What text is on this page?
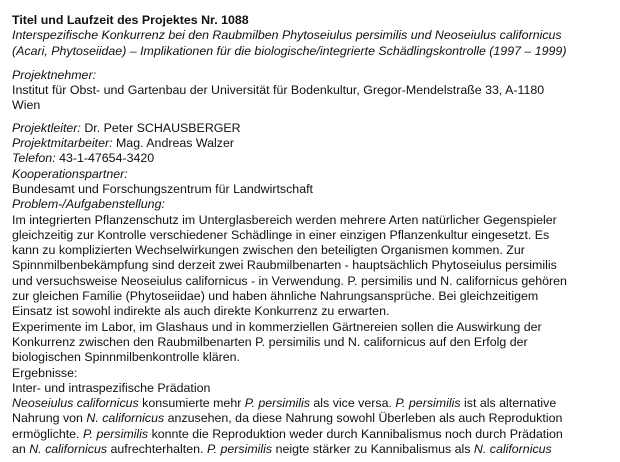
Titel und Laufzeit des Projektes Nr. 1088
Interspezifische Konkurrenz bei den Raubmilben Phytoseiulus persimilis und Neoseiulus californicus
(Acari, Phytoseiidae) – Implikationen für die biologische/integrierte Schädlingskontrolle (1997 – 1999)
Projektnehmer:
Institut für Obst- und Gartenbau der Universität für Bodenkultur, Gregor-Mendelstraße 33, A-1180
Wien
Projektleiter: Dr. Peter SCHAUSBERGER
Projektmitarbeiter: Mag. Andreas Walzer
Telefon: 43-1-47654-3420
Kooperationspartner:
Bundesamt und Forschungszentrum für Landwirtschaft
Problem-/Aufgabenstellung:
Im integrierten Pflanzenschutz im Unterglasbereich werden mehrere Arten natürlicher Gegenspieler
gleichzeitig zur Kontrolle verschiedener Schädlinge in einer einzigen Pflanzenkultur eingesetzt. Es
kann zu komplizierten Wechselwirkungen zwischen den beteiligten Organismen kommen. Zur
Spinnmilbenbekämpfung sind derzeit zwei Raubmilbenarten - hauptsächlich Phytoseiulus persimilis
und versuchsweise Neoseiulus californicus - in Verwendung. P. persimilis und N. californicus gehören
zur gleichen Familie (Phytoseiidae) und haben ähnliche Nahrungsansprüche. Bei gleichzeitigem
Einsatz ist sowohl indirekte als auch direkte Konkurrenz zu erwarten.
Experimente im Labor, im Glashaus und in kommerziellen Gärtnereien sollen die Auswirkung der
Konkurrenz zwischen den Raubmilbenarten P. persimilis und N. californicus auf den Erfolg der
biologischen Spinnmilbenkontrolle klären.
Ergebnisse:
Inter- und intraspezifische Prädation
Neoseiulus californicus konsumierte mehr P. persimilis als vice versa. P. persimilis ist als alternative
Nahrung von N. californicus anzusehen, da diese Nahrung sowohl Überleben als auch Reproduktion
ermöglichte. P. persimilis konnte die Reproduktion weder durch Kannibalismus noch durch Prädation
an N. californicus aufrechterhalten. P. persimilis neigte stärker zu Kannibalismus als N. californicus
